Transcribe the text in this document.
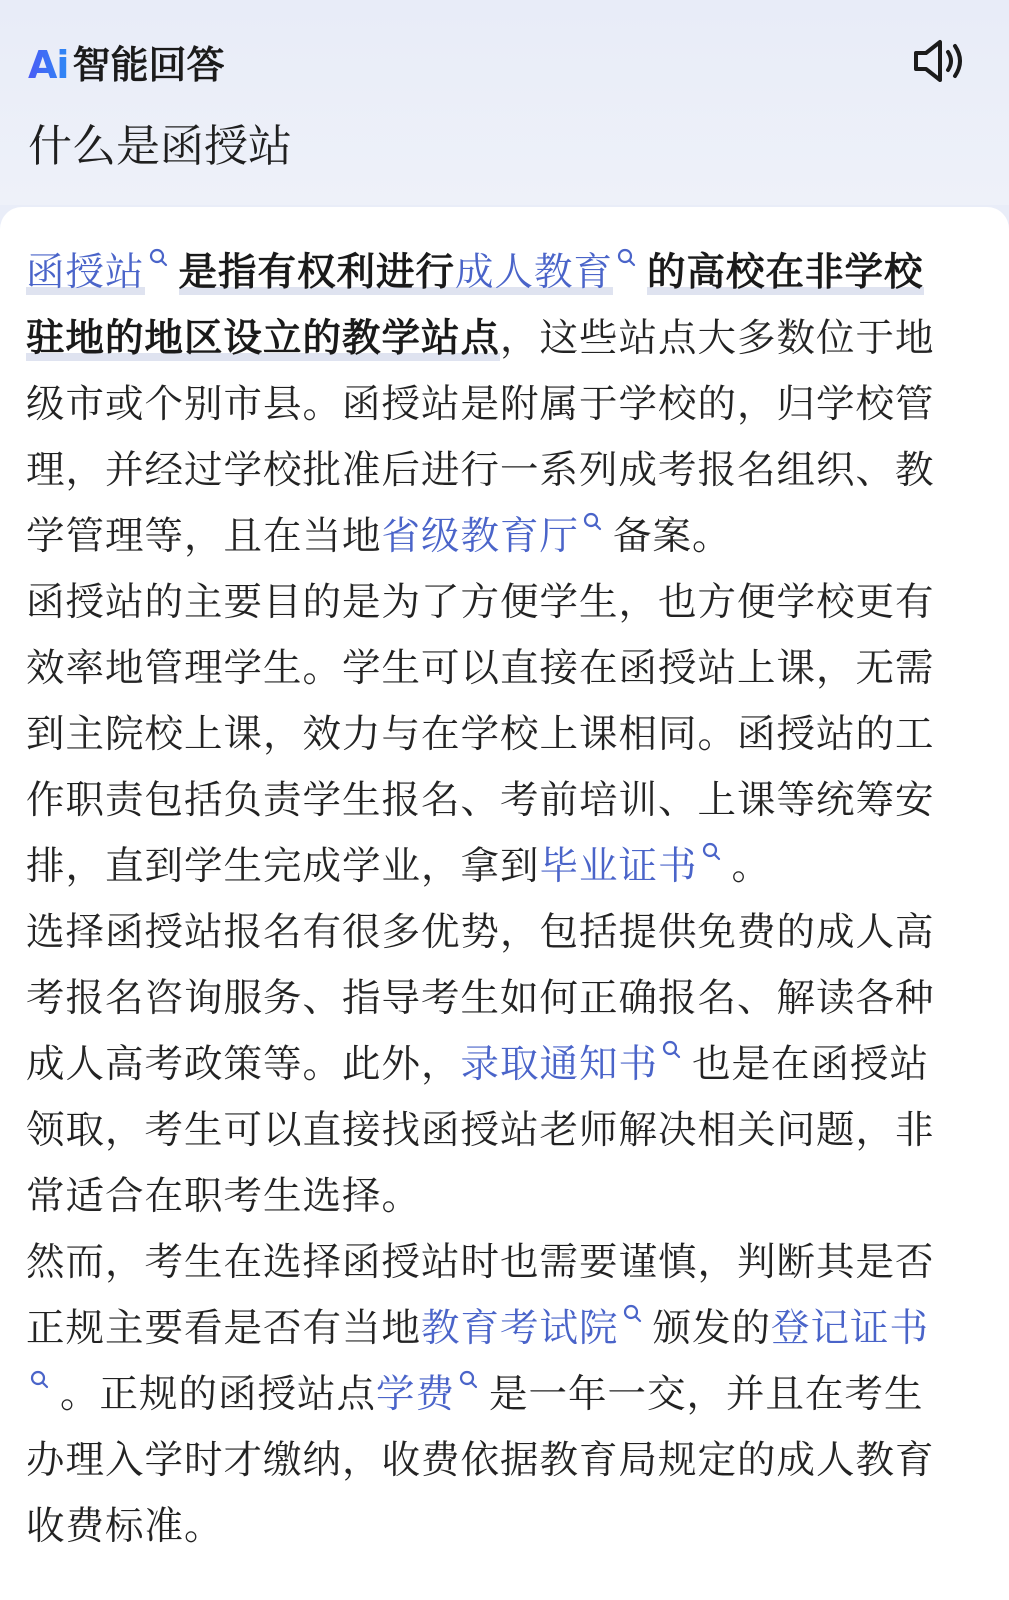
Ai 智能回答
什么是函授站

函授站 是指有权利进行成人教育 的高校在非学校驻地的地区设立的教学站点，这些站点大多数位于地级市或个别市县。函授站是附属于学校的，归学校管理，并经过学校批准后进行一系列成考报名组织、教学管理等，且在当地省级教育厅 备案。

函授站的主要目的是为了方便学生，也方便学校更有效率地管理学生。学生可以直接在函授站上课，无需到主院校上课，效力与在学校上课相同。函授站的工作职责包括负责学生报名、考前培训、上课等统筹安排，直到学生完成学业，拿到毕业证书 。

选择函授站报名有很多优势，包括提供免费的成人高考报名咨询服务、指导考生如何正确报名、解读各种成人高考政策等。此外，录取通知书 也是在函授站领取，考生可以直接找函授站老师解决相关问题，非常适合在职考生选择。

然而，考生在选择函授站时也需要谨慎，判断其是否正规主要看是否有当地教育考试院 颁发的登记证书。正规的函授站点学费 是一年一交，并且在考生办理入学时才缴纳，收费依据教育局规定的成人教育收费标准。
